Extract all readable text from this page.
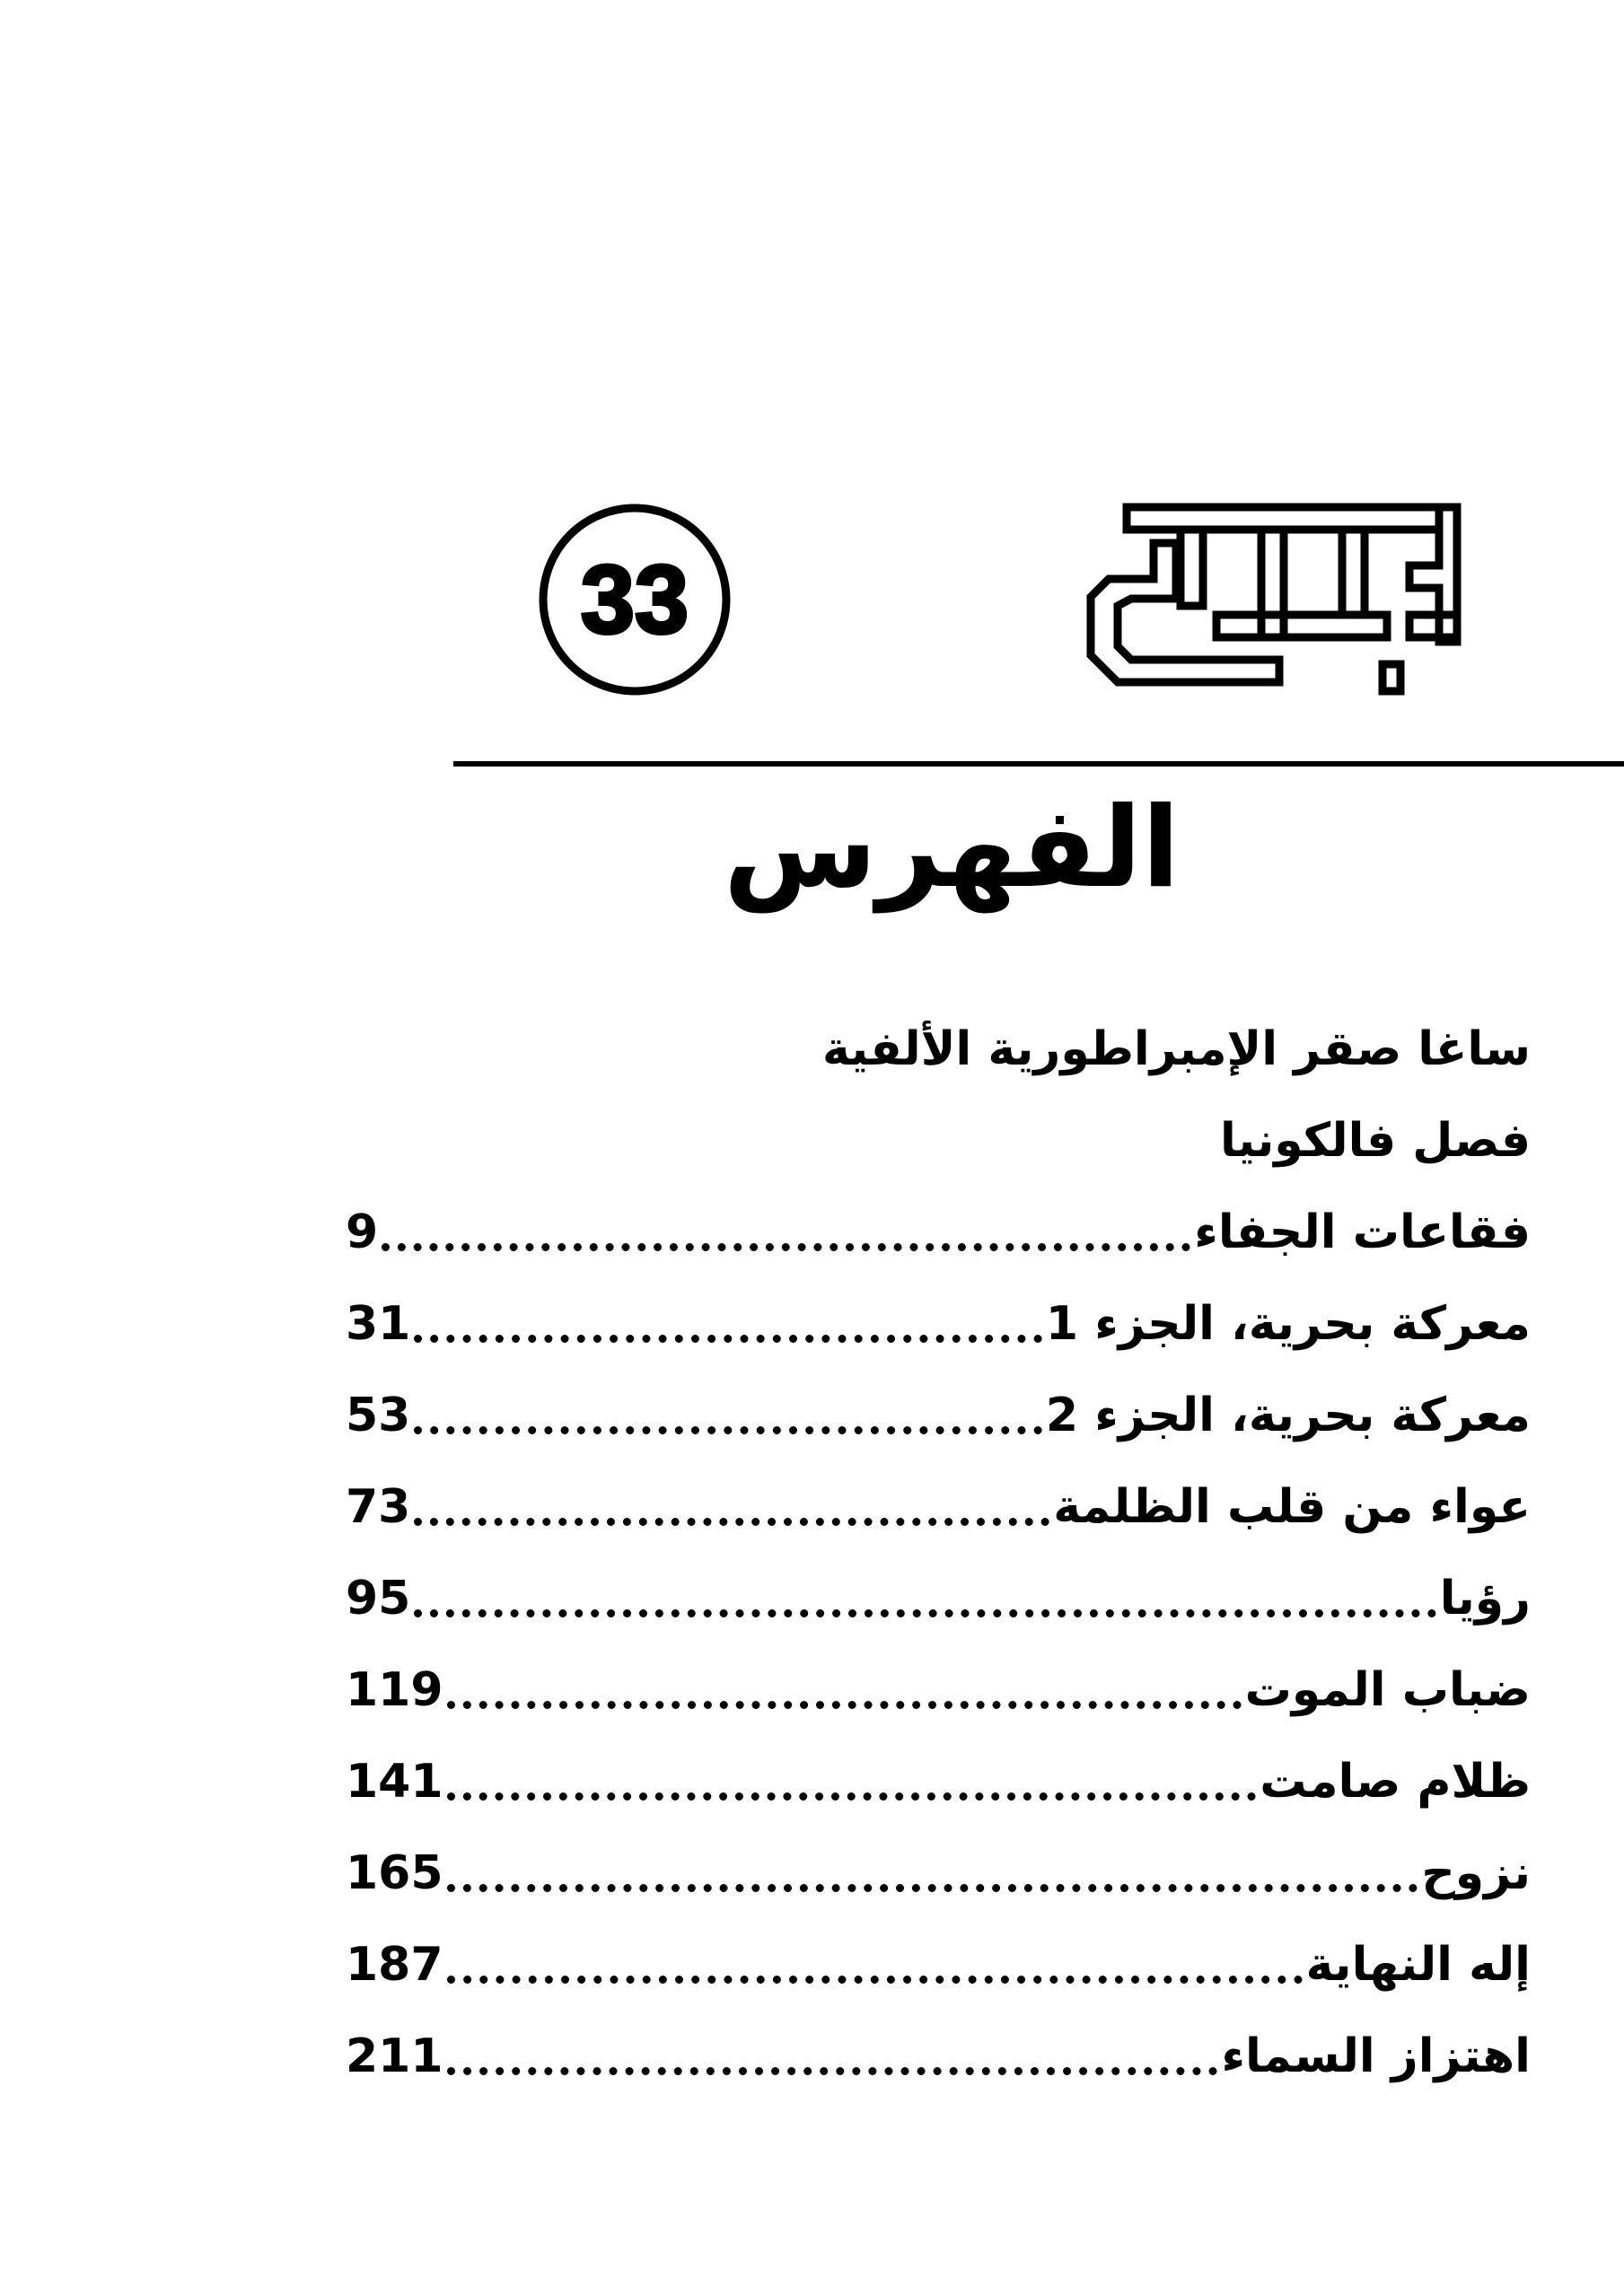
33
برزخ
الفهرس
ساغا صقر الإمبراطورية الألفية
فصل فالكونيا
فقاعات الجفاء
9
معركة بحرية، الجزء 1
31
معركة بحرية، الجزء 2
53
عواء من قلب الظلمة
73
رؤيا
95
ضباب الموت
119
ظلام صامت
141
نزوح
165
إله النهاية
187
اهتزاز السماء
211
